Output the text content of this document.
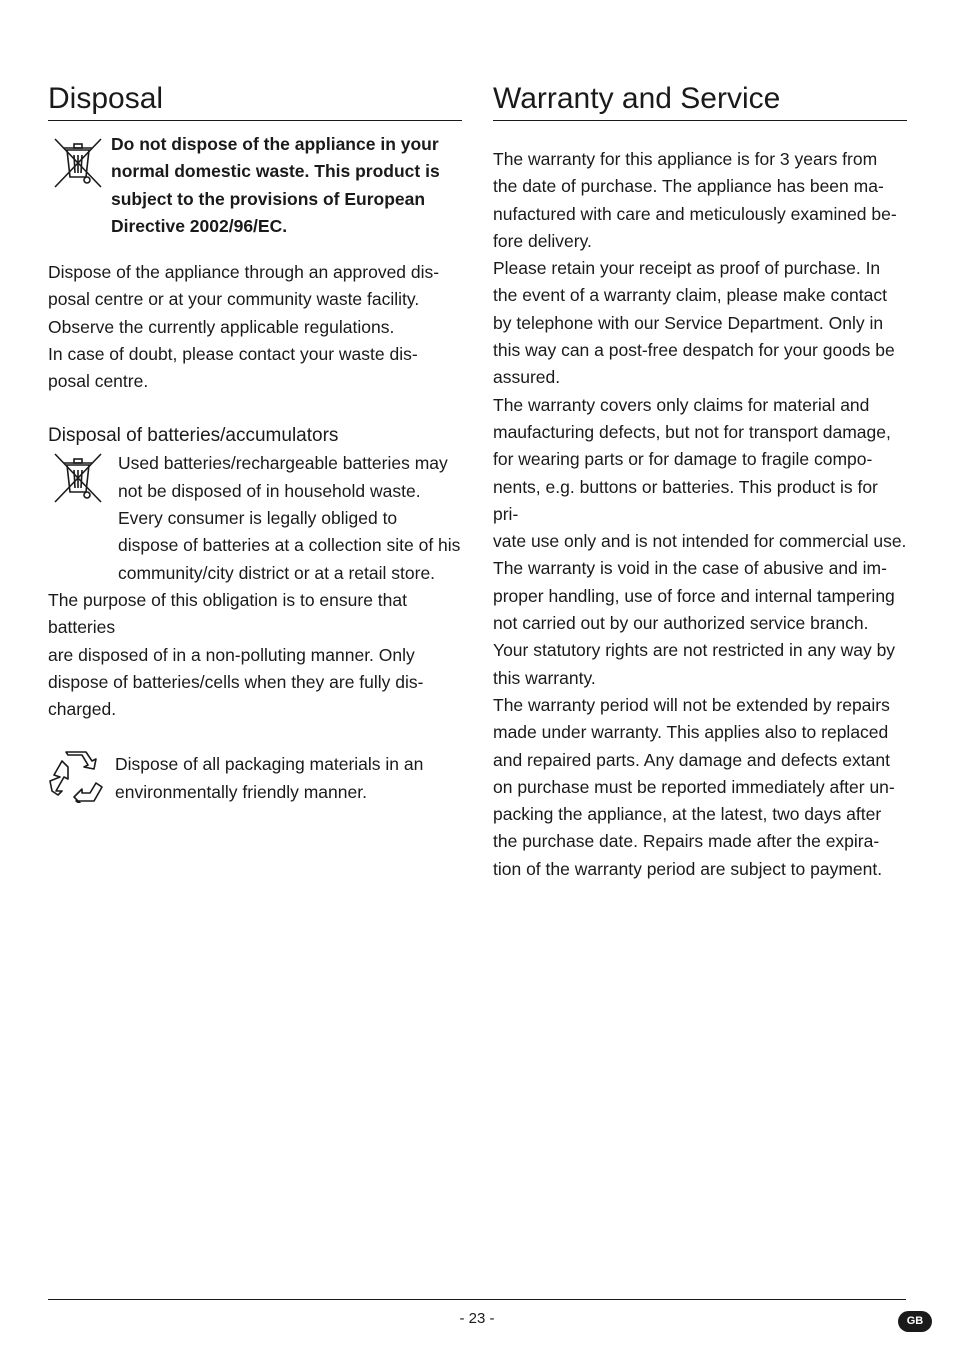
Disposal

Do not dispose of the appliance in your
normal domestic waste. This product is
subject to the provisions of European
Directive 2002/96/EC.

Dispose of the appliance through an approved dis-
posal centre or at your community waste facility.
Observe the currently applicable regulations.
In case of doubt, please contact your waste dis-
posal centre.

Disposal of batteries/accumulators

Used batteries/rechargeable batteries may
not be disposed of in household waste.
Every consumer is legally obliged to
dispose of batteries at a collection site of his
community/city district or at a retail store.

The purpose of this obligation is to ensure that batteries
are disposed of in a non-polluting manner. Only
dispose of batteries/cells when they are fully dis-
charged.

Dispose of all packaging materials in an
environmentally friendly manner.

Warranty and Service

The warranty for this appliance is for 3 years from
the date of purchase. The appliance has been ma-
nufactured with care and meticulously examined be-
fore delivery.
Please retain your receipt as proof of purchase. In
the event of a warranty claim, please make contact
by telephone with our Service Department. Only in
this way can a post-free despatch for your goods be
assured.
The warranty covers only claims for material and
maufacturing defects, but not for transport damage,
for wearing parts or for damage to fragile compo-
nents, e.g. buttons or batteries. This product is for pri-
vate use only and is not intended for commercial use.
The warranty is void in the case of abusive and im-
proper handling, use of force and internal tampering
not carried out by our authorized service branch.
Your statutory rights are not restricted in any way by
this warranty.
The warranty period will not be extended by repairs
made under warranty. This applies also to replaced
and repaired parts. Any damage and defects extant
on purchase must be reported immediately after un-
packing the appliance, at the latest, two days after
the purchase date. Repairs made after the expira-
tion of the warranty period are subject to payment.

- 23 -	GB
